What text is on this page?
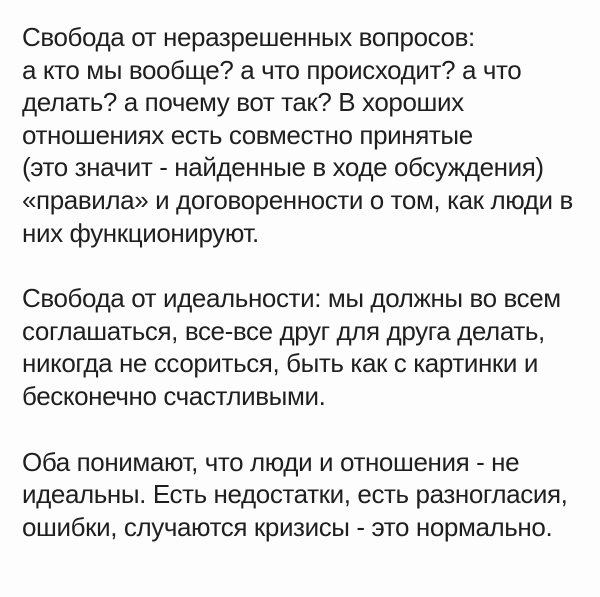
Свобода от неразрешенных вопросов:
а кто мы вообще? а что происходит? а что
делать? а почему вот так? В хороших
отношениях есть совместно принятые
(это значит - найденные в ходе обсуждения)
«правила» и договоренности о том, как люди в
них функционируют.
Свобода от идеальности: мы должны во всем
соглашаться, все-все друг для друга делать,
никогда не ссориться, быть как с картинки и
бесконечно счастливыми.
Оба понимают, что люди и отношения - не
идеальны. Есть недостатки, есть разногласия,
ошибки, случаются кризисы - это нормально.
